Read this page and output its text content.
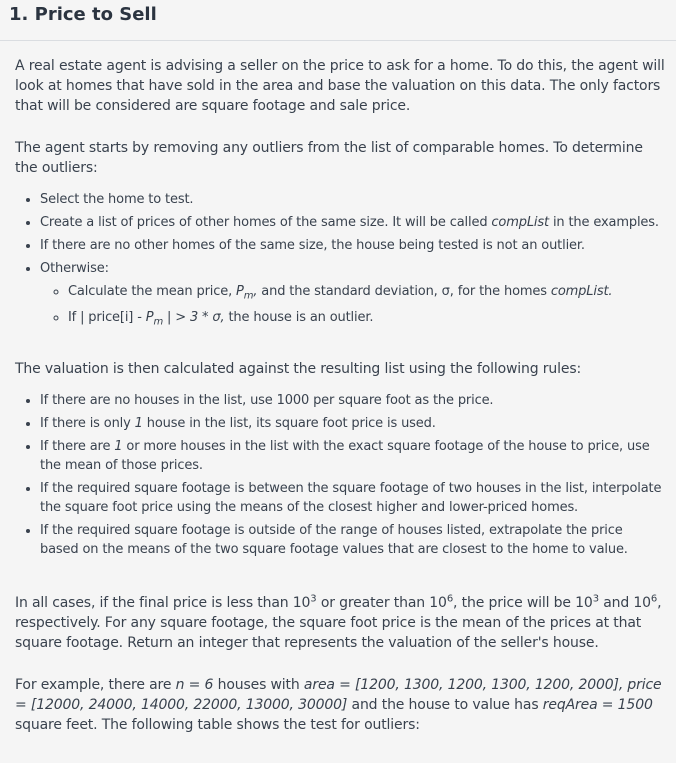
1. Price to Sell

A real estate agent is advising a seller on the price to ask for a home. To do this, the agent will look at homes that have sold in the area and base the valuation on this data. The only factors that will be considered are square footage and sale price.

The agent starts by removing any outliers from the list of comparable homes. To determine the outliers:

• Select the home to test.
• Create a list of prices of other homes of the same size. It will be called compList in the examples.
• If there are no other homes of the same size, the house being tested is not an outlier.
• Otherwise:
◦ Calculate the mean price, $P_m$, and the standard deviation, σ, for the homes compList.
◦ If | price[i] - $P_m$ | > 3 * σ, the house is an outlier.

The valuation is then calculated against the resulting list using the following rules:

• If there are no houses in the list, use 1000 per square foot as the price.
• If there is only 1 house in the list, its square foot price is used.
• If there are 1 or more houses in the list with the exact square footage of the house to price, use the mean of those prices.
• If the required square footage is between the square footage of two houses in the list, interpolate the square foot price using the means of the closest higher and lower-priced homes.
• If the required square footage is outside of the range of houses listed, extrapolate the price based on the means of the two square footage values that are closest to the home to value.

In all cases, if the final price is less than $10^3$ or greater than $10^6$, the price will be $10^3$ and $10^6$, respectively. For any square footage, the square foot price is the mean of the prices at that square footage. Return an integer that represents the valuation of the seller's house.

For example, there are n = 6 houses with area = [1200, 1300, 1200, 1300, 1200, 2000], price = [12000, 24000, 14000, 22000, 13000, 30000] and the house to value has reqArea = 1500 square feet. The following table shows the test for outliers:
